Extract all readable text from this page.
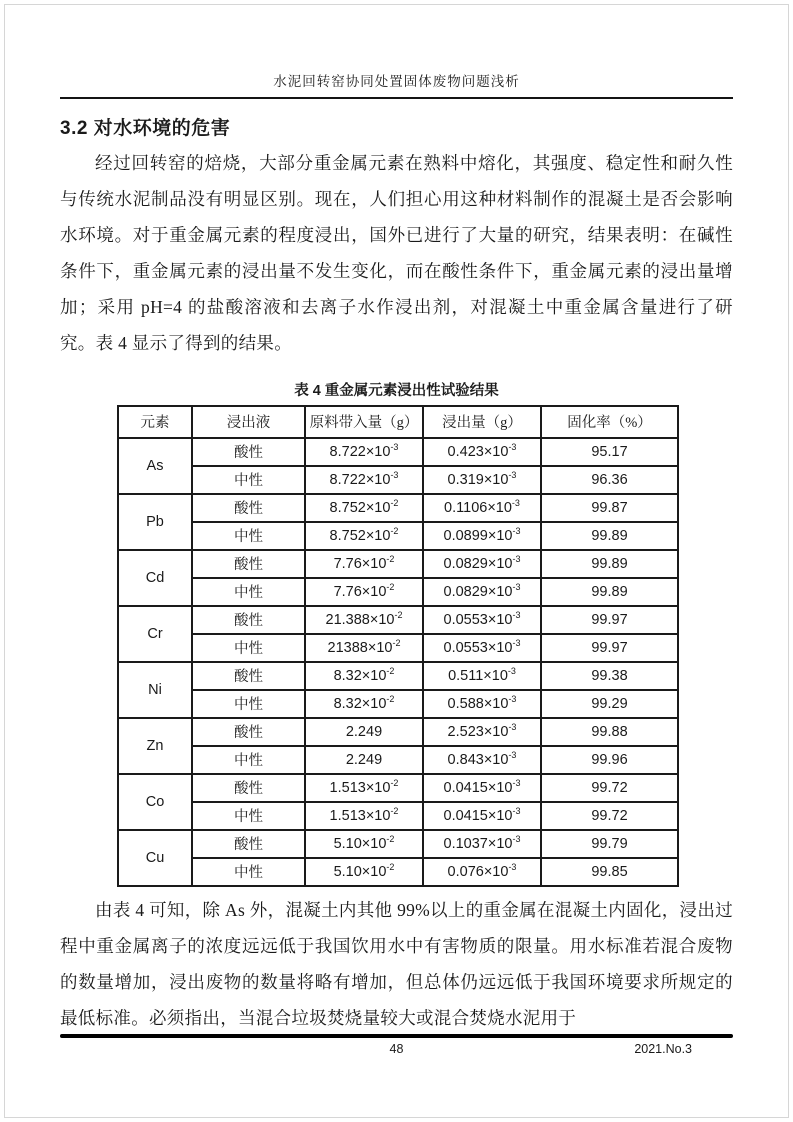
水泥回转窑协同处置固体废物问题浅析
3.2 对水环境的危害

经过回转窑的焙烧，大部分重金属元素在熟料中熔化，其强度、稳定性和耐久性与传统水泥制品没有明显区别。现在，人们担心用这种材料制作的混凝土是否会影响水环境。对于重金属元素的程度浸出，国外已进行了大量的研究，结果表明：在碱性条件下，重金属元素的浸出量不发生变化，而在酸性条件下，重金属元素的浸出量增加；采用 pH=4 的盐酸溶液和去离子水作浸出剂，对混凝土中重金属含量进行了研究。表 4 显示了得到的结果。

表 4 重金属元素浸出性试验结果
元素	浸出液	原料带入量（g）	浸出量（g）	固化率（%）
As	酸性	$8.722\times 10^{-3}$	$0.423\times 10^{-3}$	95.17
	中性	$8.722\times 10^{-3}$	$0.319\times 10^{-3}$	96.36
Pb	酸性	$8.752\times 10^{-2}$	$0.1106\times 10^{-3}$	99.87
	中性	$8.752\times 10^{-2}$	$0.0899\times 10^{-3}$	99.89
Cd	酸性	$7.76\times 10^{-2}$	$0.0829\times 10^{-3}$	99.89
	中性	$7.76\times 10^{-2}$	$0.0829\times 10^{-3}$	99.89
Cr	酸性	$21.388\times 10^{-2}$	$0.0553\times 10^{-3}$	99.97
	中性	$21388\times 10^{-2}$	$0.0553\times 10^{-3}$	99.97
Ni	酸性	$8.32\times 10^{-2}$	$0.511\times 10^{-3}$	99.38
	中性	$8.32\times 10^{-2}$	$0.588\times 10^{-3}$	99.29
Zn	酸性	2.249	$2.523\times 10^{-3}$	99.88
	中性	2.249	$0.843\times 10^{-3}$	99.96
Co	酸性	$1.513\times 10^{-2}$	$0.0415\times 10^{-3}$	99.72
	中性	$1.513\times 10^{-2}$	$0.0415\times 10^{-3}$	99.72
Cu	酸性	$5.10\times 10^{-2}$	$0.1037\times 10^{-3}$	99.79
	中性	$5.10\times 10^{-2}$	$0.076\times 10^{-3}$	99.85

由表 4 可知，除 As 外，混凝土内其他 99%以上的重金属在混凝土内固化，浸出过程中重金属离子的浓度远远低于我国饮用水中有害物质的限量。用水标准若混合废物的数量增加，浸出废物的数量将略有增加，但总体仍远远低于我国环境要求所规定的最低标准。必须指出，当混合垃圾焚烧量较大或混合焚烧水泥用于

48	2021.No.3
